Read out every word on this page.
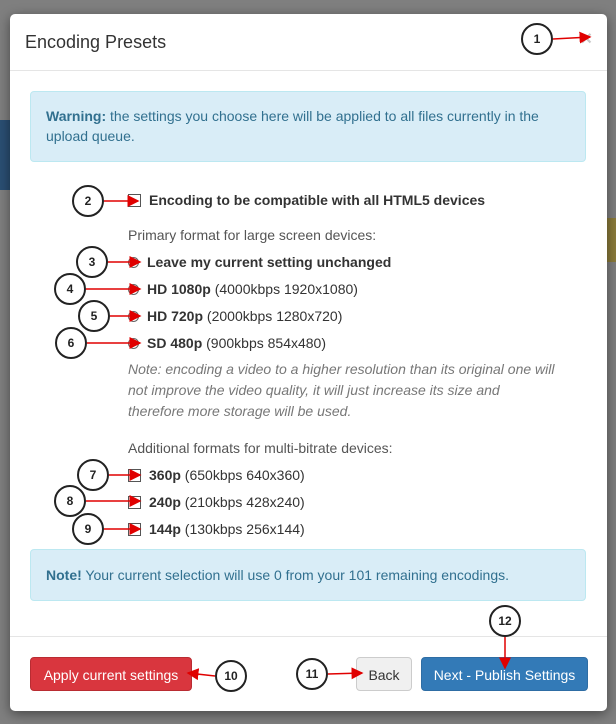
Encoding Presets	×
Warning: the settings you choose here will be applied to all files currently in the upload queue.
Encoding to be compatible with all HTML5 devices
Primary format for large screen devices:
Leave my current setting unchanged
HD 1080p (4000kbps 1920x1080)
HD 720p (2000kbps 1280x720)
SD 480p (900kbps 854x480)
Note: encoding a video to a higher resolution than its original one will not improve the video quality, it will just increase its size and therefore more storage will be used.
Additional formats for multi-bitrate devices:
360p (650kbps 640x360)
240p (210kbps 428x240)
144p (130kbps 256x144)
Note! Your current selection will use 0 from your 101 remaining encodings.
Apply current settings	Back	Next - Publish Settings
1
2
3
4
5
6
7
8
9
10	11
12
